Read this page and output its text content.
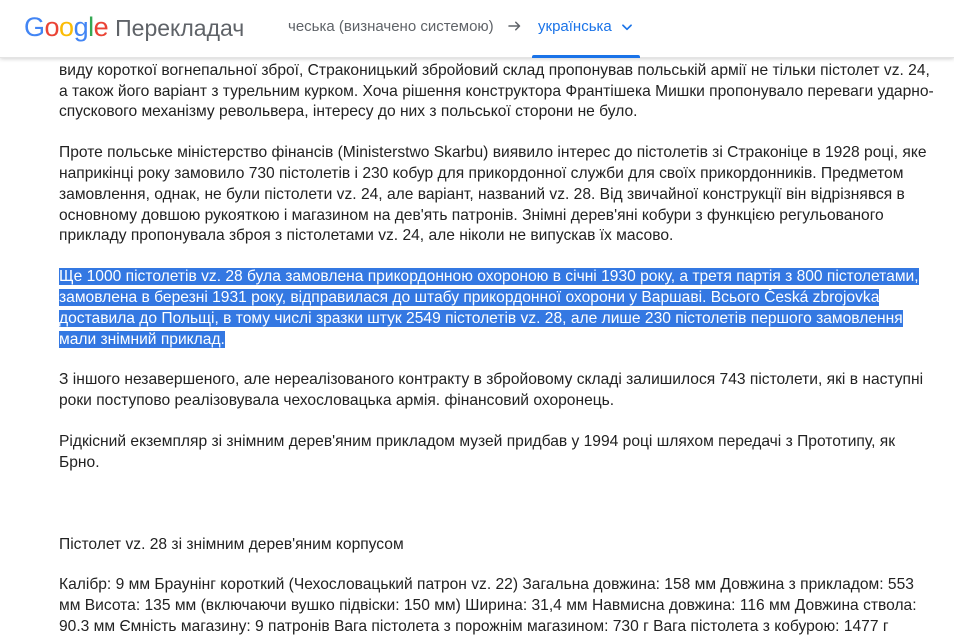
виду короткої вогнепальної зброї, Страконицький збройовий склад пропонував польській армії не тільки пістолет vz. 24, а також його варіант з турельним курком. Хоча рішення конструктора Франтішека Мишки пропонувало переваги ударно-спускового механізму револьвера, інтересу до них з польської сторони не було.

Проте польське міністерство фінансів (Ministerstwo Skarbu) виявило інтерес до пістолетів зі Страконіце в 1928 році, яке наприкінці року замовило 730 пістолетів і 230 кобур для прикордонної служби для своїх прикордонників. Предметом замовлення, однак, не були пістолети vz. 24, але варіант, названий vz. 28. Від звичайної конструкції він відрізнявся в основному довшою рукояткою і магазином на дев'ять патронів. Знімні дерев'яні кобури з функцією регульованого прикладу пропонувала зброя з пістолетами vz. 24, але ніколи не випускав їх масово.

Ще 1000 пістолетів vz. 28 була замовлена прикордонною охороною в січні 1930 року, а третя партія з 800 пістолетами, замовлена в березні 1931 року, відправилася до штабу прикордонної охорони у Варшаві. Всього Česká zbrojovka доставила до Польщі, в тому числі зразки штук 2549 пістолетів vz. 28, але лише 230 пістолетів першого замовлення мали знімний приклад.

З іншого незавершеного, але нереалізованого контракту в збройовому складі залишилося 743 пістолети, які в наступні роки поступово реалізовувала чехословацька армія. фінансовий охоронець.

Рідкісний екземпляр зі знімним дерев'яним прикладом музей придбав у 1994 році шляхом передачі з Прототипу, як Брно.

Пістолет vz. 28 зі знімним дерев'яним корпусом

Калібр: 9 мм Браунінг короткий (Чехословацький патрон vz. 22) Загальна довжина: 158 мм Довжина з прикладом: 553 мм Висота: 135 мм (включаючи вушко підвіски: 150 мм) Ширина: 31,4 мм Навмисна довжина: 116 мм Довжина ствола: 90.3 мм Ємність магазину: 9 патронів Вага пістолета з порожнім магазином: 730 г Вага пістолета з кобурою: 1477 г

Google Перекладач	чеська (визначено системою)	українська
